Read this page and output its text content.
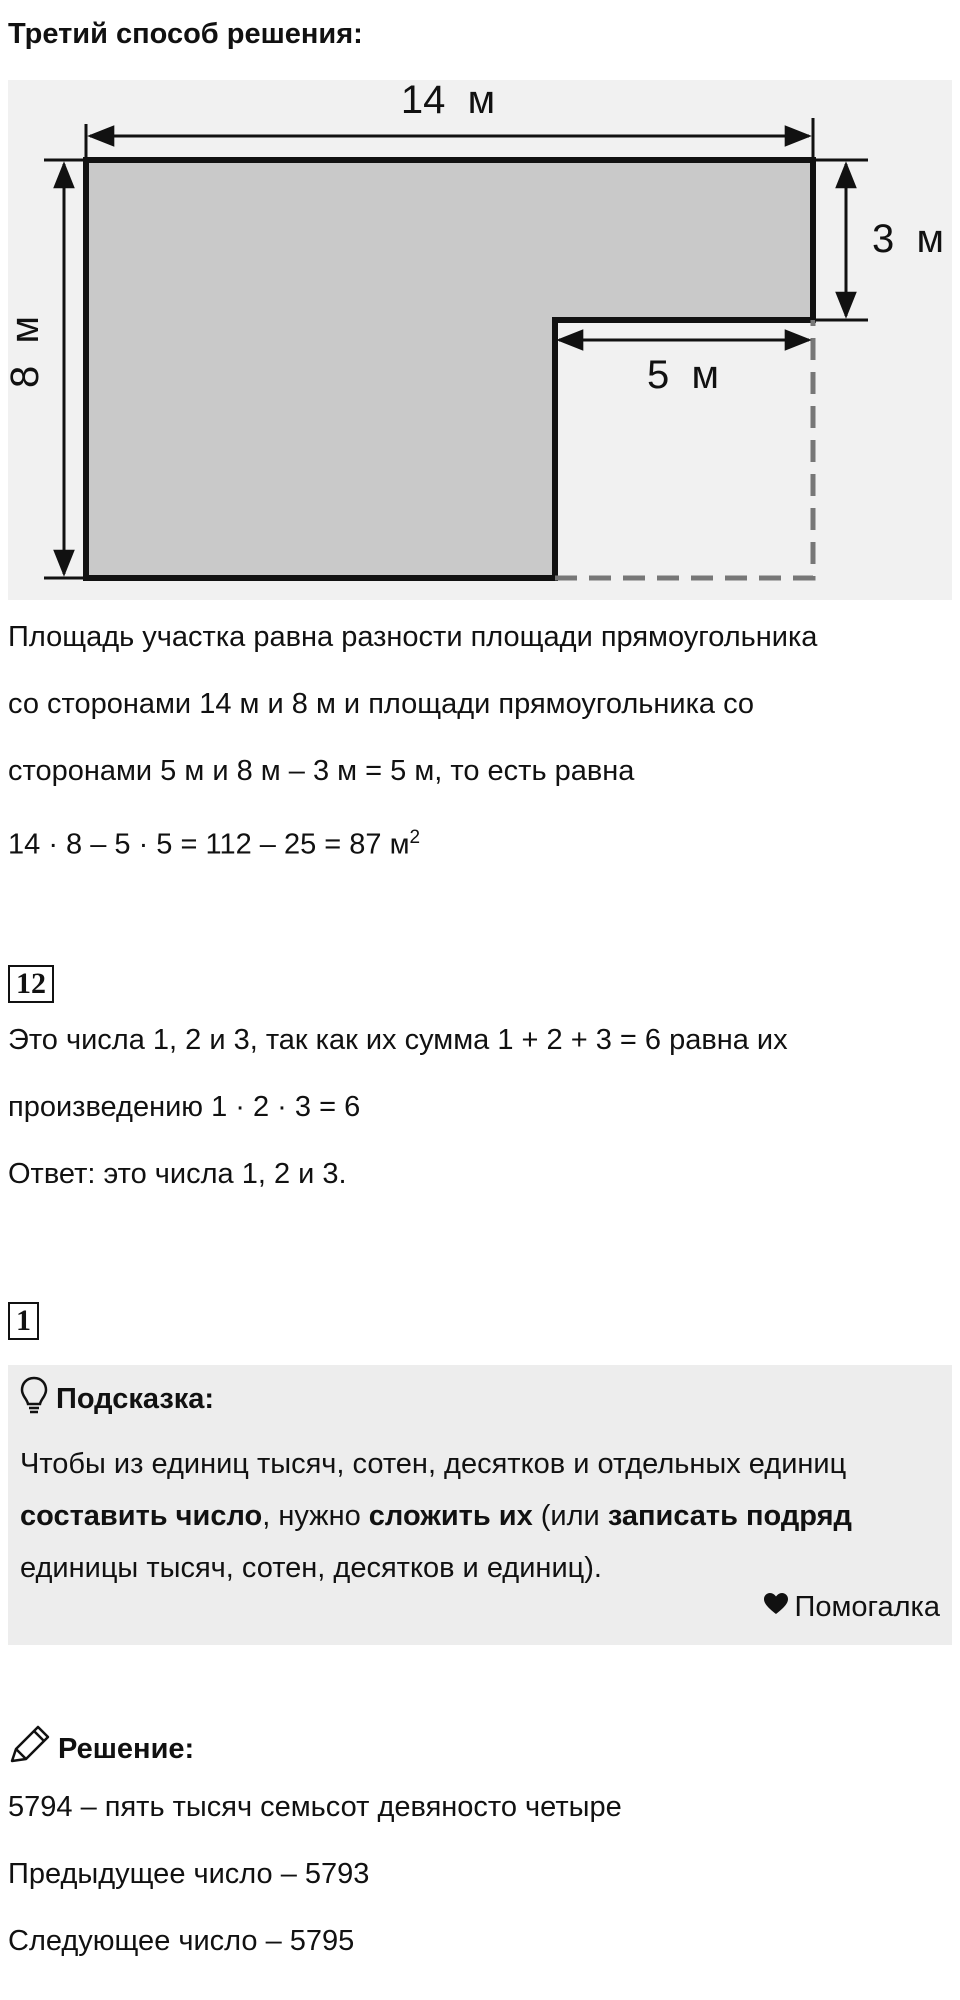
Третий способ решения:
14  м
8  м
3  м
5  м
Площадь участка равна разности площади прямоугольника
со сторонами 14 м и 8 м и площади прямоугольника со
сторонами 5 м и 8 м – 3 м = 5 м, то есть равна
14 · 8 – 5 · 5 = 112 – 25 = 87 $м^2$
12
Это числа 1, 2 и 3, так как их сумма 1 + 2 + 3 = 6 равна их
произведению 1 · 2 · 3 = 6
Ответ: это числа 1, 2 и 3.
1
Подсказка:
Чтобы из единиц тысяч, сотен, десятков и отдельных единиц составить число, нужно сложить их (или записать подряд единицы тысяч, сотен, десятков и единиц).
Помогалка
Решение:
5794 – пять тысяч семьсот девяносто четыре
Предыдущее число – 5793
Следующее число – 5795
